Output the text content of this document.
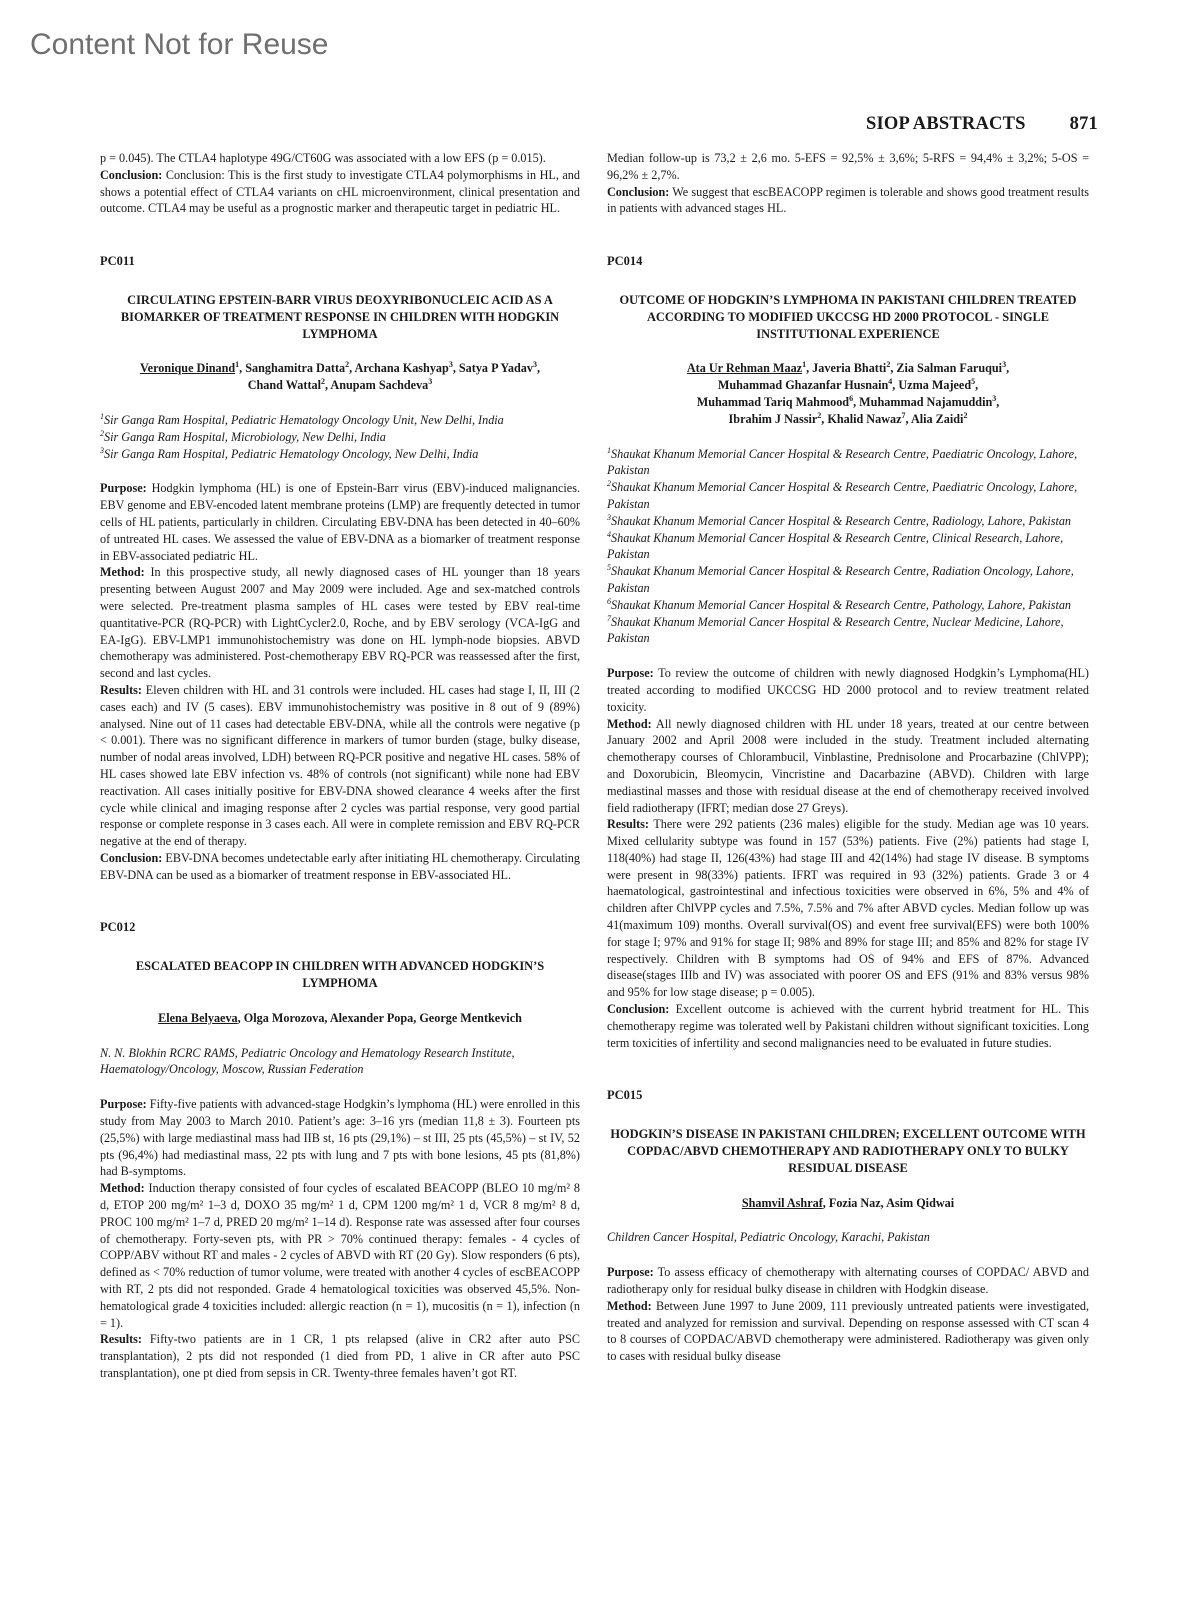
Content Not for Reuse
SIOP ABSTRACTS 871

p = 0.045). The CTLA4 haplotype 49G/CT60G was associated with a low EFS (p = 0.015).

Conclusion: Conclusion: This is the first study to investigate CTLA4 polymorphisms in HL, and shows a potential effect of CTLA4 variants on cHL microenvironment, clinical presentation and outcome. CTLA4 may be useful as a prognostic marker and therapeutic target in pediatric HL.

PC011
CIRCULATING EPSTEIN-BARR VIRUS DEOXYRIBONUCLEIC ACID AS A BIOMARKER OF TREATMENT RESPONSE IN CHILDREN WITH HODGKIN LYMPHOMA
Veronique Dinand$^1$, Sanghamitra Datta$^2$, Archana Kashyap$^3$, Satya P Yadav$^3$,
Chand Wattal$^2$, Anupam Sachdeva$^3$
$^1$Sir Ganga Ram Hospital, Pediatric Hematology Oncology Unit, New Delhi, India
$^2$Sir Ganga Ram Hospital, Microbiology, New Delhi, India
$^3$Sir Ganga Ram Hospital, Pediatric Hematology Oncology, New Delhi, India

Purpose: Hodgkin lymphoma (HL) is one of Epstein-Barr virus (EBV)-induced malignancies. EBV genome and EBV-encoded latent membrane proteins (LMP) are frequently detected in tumor cells of HL patients, particularly in children. Circulating EBV-DNA has been detected in 40–60% of untreated HL cases. We assessed the value of EBV-DNA as a biomarker of treatment response in EBV-associated pediatric HL.

Method: In this prospective study, all newly diagnosed cases of HL younger than 18 years presenting between August 2007 and May 2009 were included. Age and sex-matched controls were selected. Pre-treatment plasma samples of HL cases were tested by EBV real-time quantitative-PCR (RQ-PCR) with LightCycler2.0, Roche, and by EBV serology (VCA-IgG and EA-IgG). EBV-LMP1 immunohistochemistry was done on HL lymph-node biopsies. ABVD chemotherapy was administered. Post-chemotherapy EBV RQ-PCR was reassessed after the first, second and last cycles.

Results: Eleven children with HL and 31 controls were included. HL cases had stage I, II, III (2 cases each) and IV (5 cases). EBV immunohistochemistry was positive in 8 out of 9 (89%) analysed. Nine out of 11 cases had detectable EBV-DNA, while all the controls were negative (p < 0.001). There was no significant difference in markers of tumor burden (stage, bulky disease, number of nodal areas involved, LDH) between RQ-PCR positive and negative HL cases. 58% of HL cases showed late EBV infection vs. 48% of controls (not significant) while none had EBV reactivation. All cases initially positive for EBV-DNA showed clearance 4 weeks after the first cycle while clinical and imaging response after 2 cycles was partial response, very good partial response or complete response in 3 cases each. All were in complete remission and EBV RQ-PCR negative at the end of therapy.

Conclusion: EBV-DNA becomes undetectable early after initiating HL chemotherapy. Circulating EBV-DNA can be used as a biomarker of treatment response in EBV-associated HL.

PC012
ESCALATED BEACOPP IN CHILDREN WITH ADVANCED HODGKIN’S LYMPHOMA
Elena Belyaeva, Olga Morozova, Alexander Popa, George Mentkevich
N. N. Blokhin RCRC RAMS, Pediatric Oncology and Hematology Research Institute, Haematology/Oncology, Moscow, Russian Federation

Purpose: Fifty-five patients with advanced-stage Hodgkin’s lymphoma (HL) were enrolled in this study from May 2003 to March 2010. Patient’s age: 3–16 yrs (median 11,8 ± 3). Fourteen pts (25,5%) with large mediastinal mass had IIB st, 16 pts (29,1%) – st III, 25 pts (45,5%) – st IV, 52 pts (96,4%) had mediastinal mass, 22 pts with lung and 7 pts with bone lesions, 45 pts (81,8%) had B-symptoms.

Method: Induction therapy consisted of four cycles of escalated BEACOPP (BLEO 10 mg/m² 8 d, ETOP 200 mg/m² 1–3 d, DOXO 35 mg/m² 1 d, CPM 1200 mg/m² 1 d, VCR 8 mg/m² 8 d, PROC 100 mg/m² 1–7 d, PRED 20 mg/m² 1–14 d). Response rate was assessed after four courses of chemotherapy. Forty-seven pts, with PR > 70% continued therapy: females - 4 cycles of COPP/ABV without RT and males - 2 cycles of ABVD with RT (20 Gy). Slow responders (6 pts), defined as < 70% reduction of tumor volume, were treated with another 4 cycles of escBEACOPP with RT, 2 pts did not responded. Grade 4 hematological toxicities was observed 45,5%. Non-hematological grade 4 toxicities included: allergic reaction (n = 1), mucositis (n = 1), infection (n = 1).

Results: Fifty-two patients are in 1 CR, 1 pts relapsed (alive in CR2 after auto PSC transplantation), 2 pts did not responded (1 died from PD, 1 alive in CR after auto PSC transplantation), one pt died from sepsis in CR. Twenty-three females haven’t got RT.

Median follow-up is 73,2 ± 2,6 mo. 5-EFS = 92,5% ± 3,6%; 5-RFS = 94,4% ± 3,2%; 5-OS = 96,2% ± 2,7%.

Conclusion: We suggest that escBEACOPP regimen is tolerable and shows good treatment results in patients with advanced stages HL.

PC014
OUTCOME OF HODGKIN’S LYMPHOMA IN PAKISTANI CHILDREN TREATED ACCORDING TO MODIFIED UKCCSG HD 2000 PROTOCOL - SINGLE INSTITUTIONAL EXPERIENCE
Ata Ur Rehman Maaz$^1$, Javeria Bhatti$^2$, Zia Salman Faruqui$^3$,
Muhammad Ghazanfar Husnain$^4$, Uzma Majeed$^5$,
Muhammad Tariq Mahmood$^6$, Muhammad Najamuddin$^3$,
Ibrahim J Nassir$^2$, Khalid Nawaz$^7$, Alia Zaidi$^2$
$^1$Shaukat Khanum Memorial Cancer Hospital & Research Centre, Paediatric Oncology, Lahore, Pakistan
$^2$Shaukat Khanum Memorial Cancer Hospital & Research Centre, Paediatric Oncology, Lahore, Pakistan
$^3$Shaukat Khanum Memorial Cancer Hospital & Research Centre, Radiology, Lahore, Pakistan
$^4$Shaukat Khanum Memorial Cancer Hospital & Research Centre, Clinical Research, Lahore, Pakistan
$^5$Shaukat Khanum Memorial Cancer Hospital & Research Centre, Radiation Oncology, Lahore, Pakistan
$^6$Shaukat Khanum Memorial Cancer Hospital & Research Centre, Pathology, Lahore, Pakistan
$^7$Shaukat Khanum Memorial Cancer Hospital & Research Centre, Nuclear Medicine, Lahore, Pakistan

Purpose: To review the outcome of children with newly diagnosed Hodgkin’s Lymphoma(HL) treated according to modified UKCCSG HD 2000 protocol and to review treatment related toxicity.

Method: All newly diagnosed children with HL under 18 years, treated at our centre between January 2002 and April 2008 were included in the study. Treatment included alternating chemotherapy courses of Chlorambucil, Vinblastine, Prednisolone and Procarbazine (ChlVPP); and Doxorubicin, Bleomycin, Vincristine and Dacarbazine (ABVD). Children with large mediastinal masses and those with residual disease at the end of chemotherapy received involved field radiotherapy (IFRT; median dose 27 Greys).

Results: There were 292 patients (236 males) eligible for the study. Median age was 10 years. Mixed cellularity subtype was found in 157 (53%) patients. Five (2%) patients had stage I, 118(40%) had stage II, 126(43%) had stage III and 42(14%) had stage IV disease. B symptoms were present in 98(33%) patients. IFRT was required in 93 (32%) patients. Grade 3 or 4 haematological, gastrointestinal and infectious toxicities were observed in 6%, 5% and 4% of children after ChlVPP cycles and 7.5%, 7.5% and 7% after ABVD cycles. Median follow up was 41(maximum 109) months. Overall survival(OS) and event free survival(EFS) were both 100% for stage I; 97% and 91% for stage II; 98% and 89% for stage III; and 85% and 82% for stage IV respectively. Children with B symptoms had OS of 94% and EFS of 87%. Advanced disease(stages IIIb and IV) was associated with poorer OS and EFS (91% and 83% versus 98% and 95% for low stage disease; p = 0.005).

Conclusion: Excellent outcome is achieved with the current hybrid treatment for HL. This chemotherapy regime was tolerated well by Pakistani children without significant toxicities. Long term toxicities of infertility and second malignancies need to be evaluated in future studies.

PC015
HODGKIN’S DISEASE IN PAKISTANI CHILDREN; EXCELLENT OUTCOME WITH COPDAC/ABVD CHEMOTHERAPY AND RADIOTHERAPY ONLY TO BULKY RESIDUAL DISEASE
Shamvil Ashraf, Fozia Naz, Asim Qidwai
Children Cancer Hospital, Pediatric Oncology, Karachi, Pakistan

Purpose: To assess efficacy of chemotherapy with alternating courses of COPDAC/ ABVD and radiotherapy only for residual bulky disease in children with Hodgkin disease.

Method: Between June 1997 to June 2009, 111 previously untreated patients were investigated, treated and analyzed for remission and survival. Depending on response assessed with CT scan 4 to 8 courses of COPDAC/ABVD chemotherapy were administered. Radiotherapy was given only to cases with residual bulky disease
